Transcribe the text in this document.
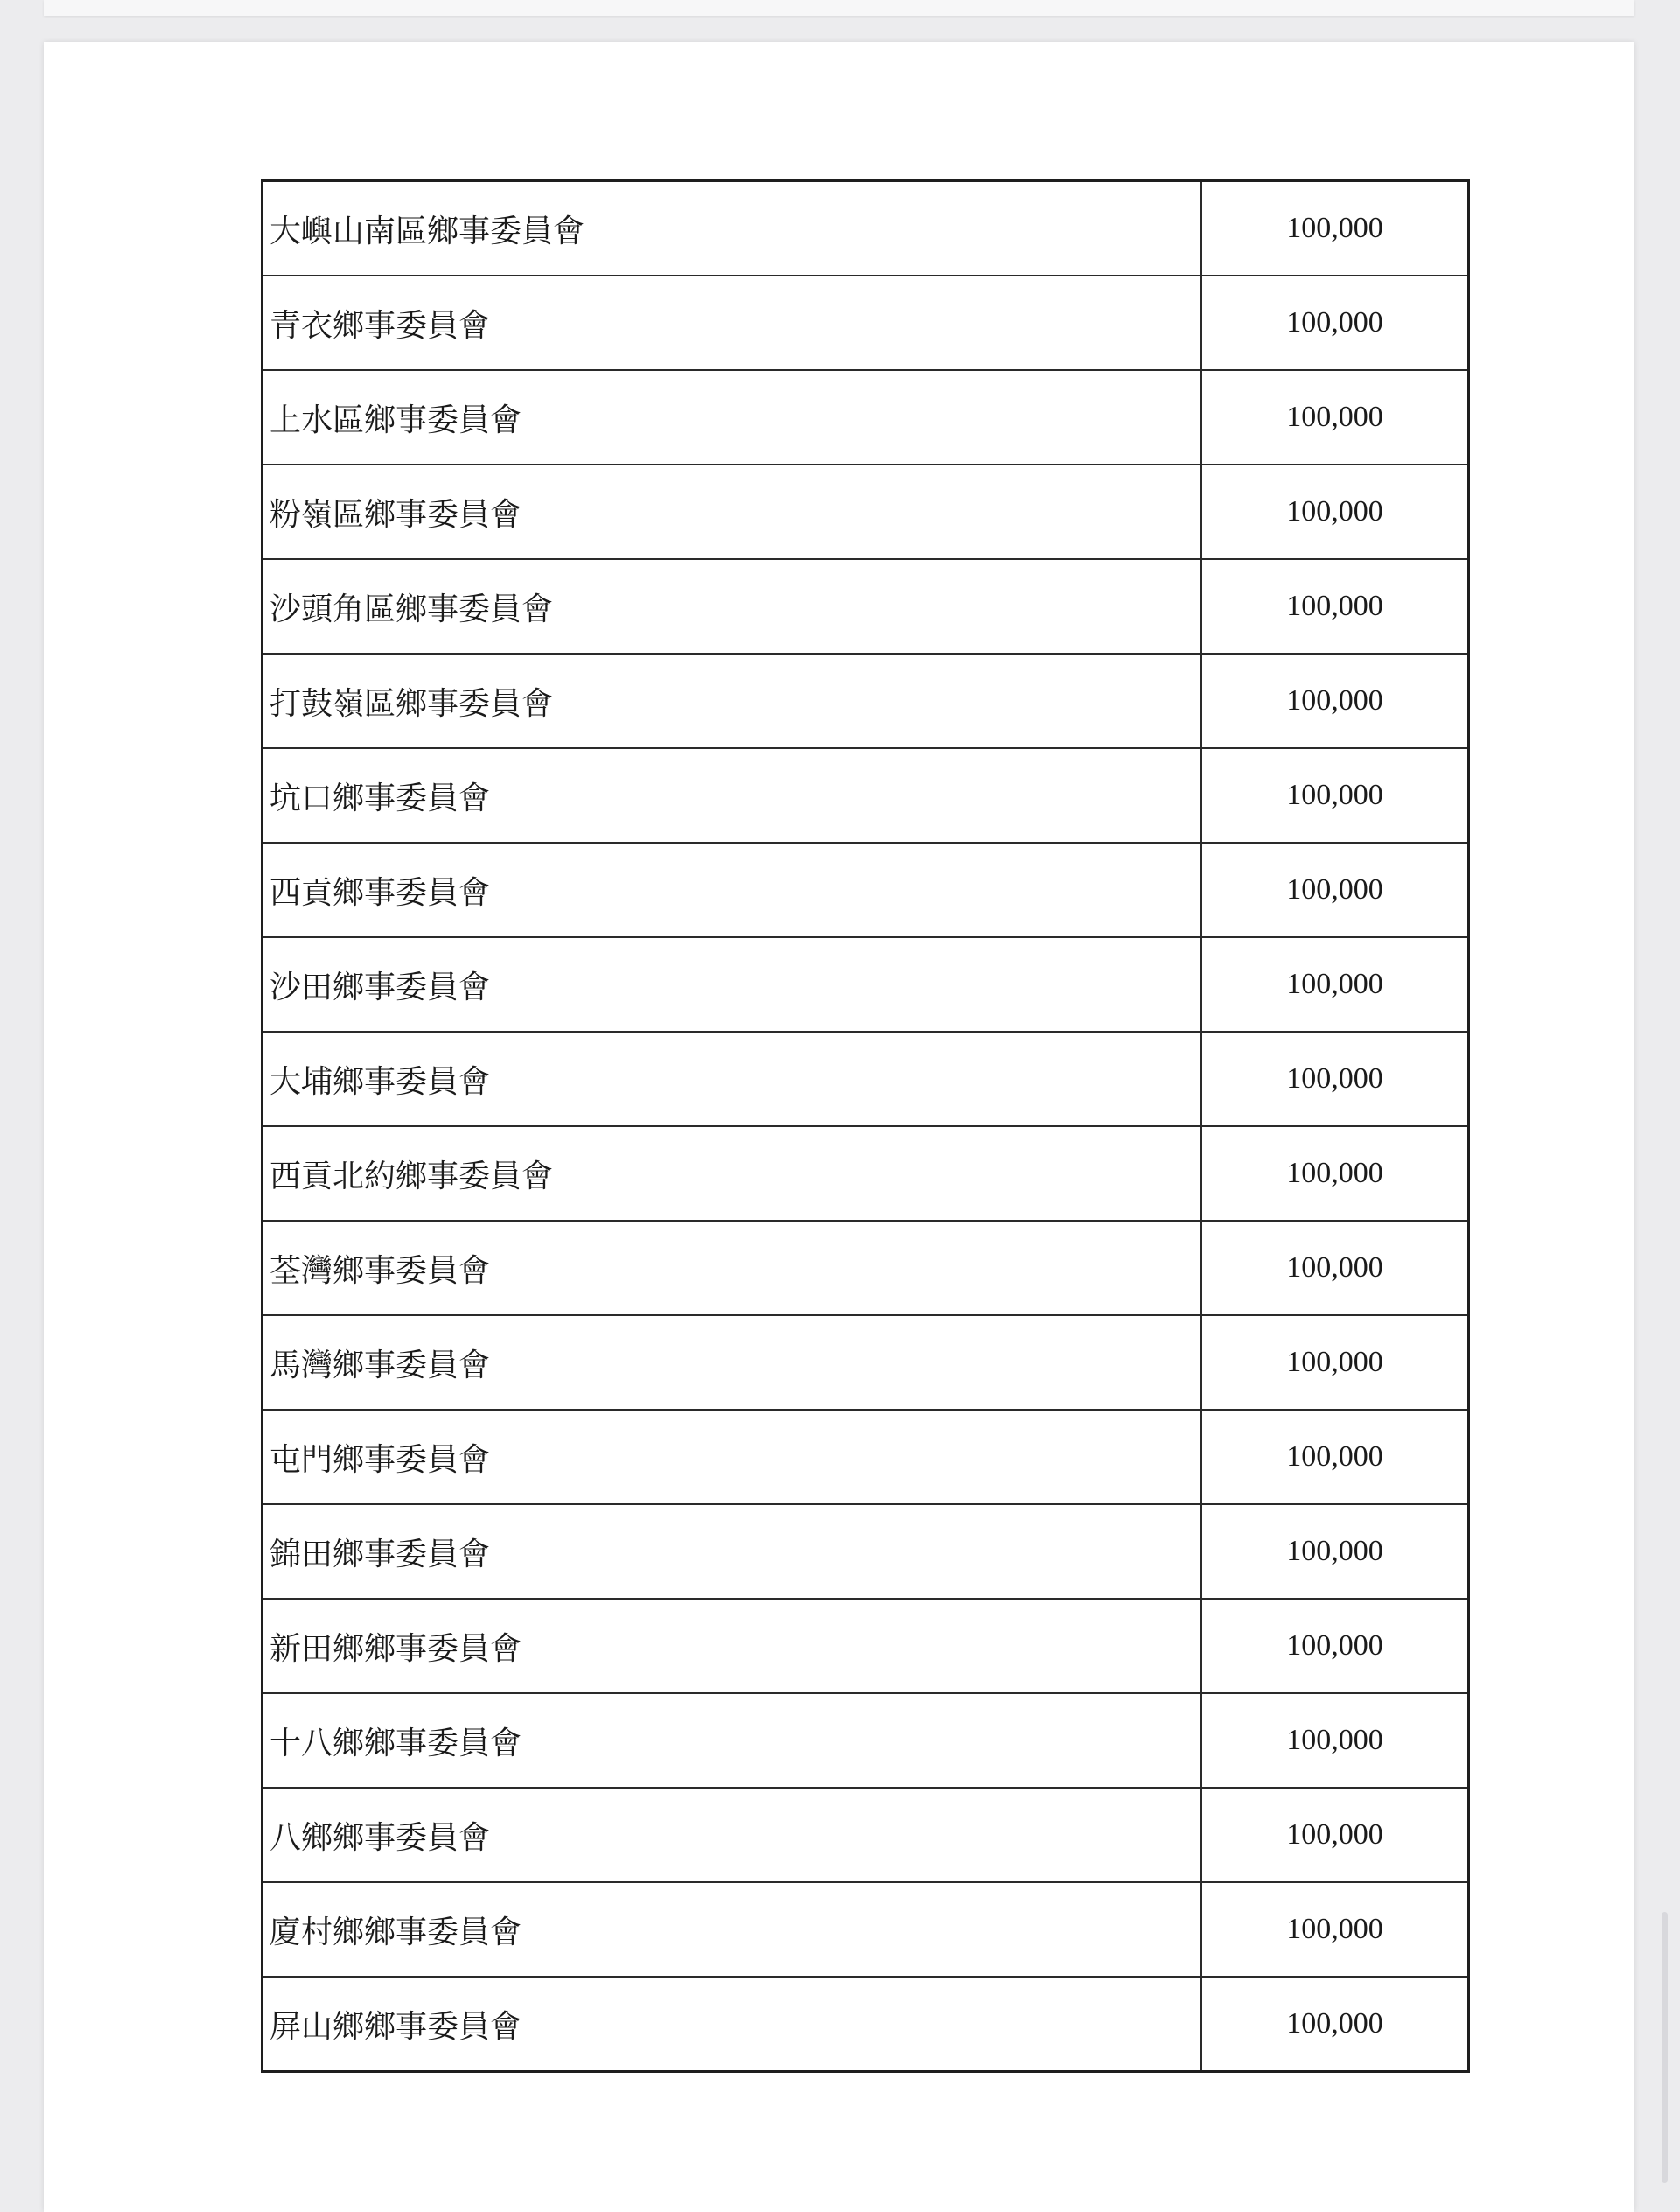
大嶼山南區鄉事委員會	100,000
青衣鄉事委員會	100,000
上水區鄉事委員會	100,000
粉嶺區鄉事委員會	100,000
沙頭角區鄉事委員會	100,000
打鼓嶺區鄉事委員會	100,000
坑口鄉事委員會	100,000
西貢鄉事委員會	100,000
沙田鄉事委員會	100,000
大埔鄉事委員會	100,000
西貢北約鄉事委員會	100,000
荃灣鄉事委員會	100,000
馬灣鄉事委員會	100,000
屯門鄉事委員會	100,000
錦田鄉事委員會	100,000
新田鄉鄉事委員會	100,000
十八鄉鄉事委員會	100,000
八鄉鄉事委員會	100,000
廈村鄉鄉事委員會	100,000
屏山鄉鄉事委員會	100,000
